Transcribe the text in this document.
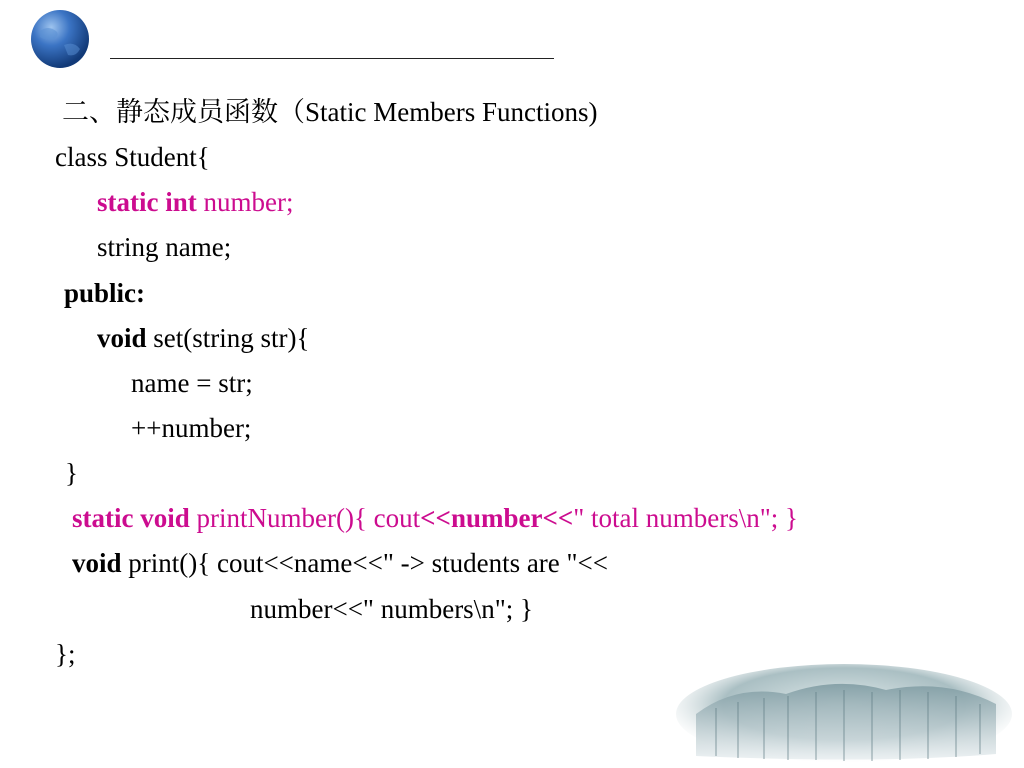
二、静态成员函数（Static Members Functions)
class Student{
static int number;
string name;
public:
void set(string str){
name = str;
++number;
}
static void printNumber(){ cout<<number<<" total numbers\n"; }
void print(){ cout<<name<<" -> students are "<<
number<<" numbers\n"; }
};
